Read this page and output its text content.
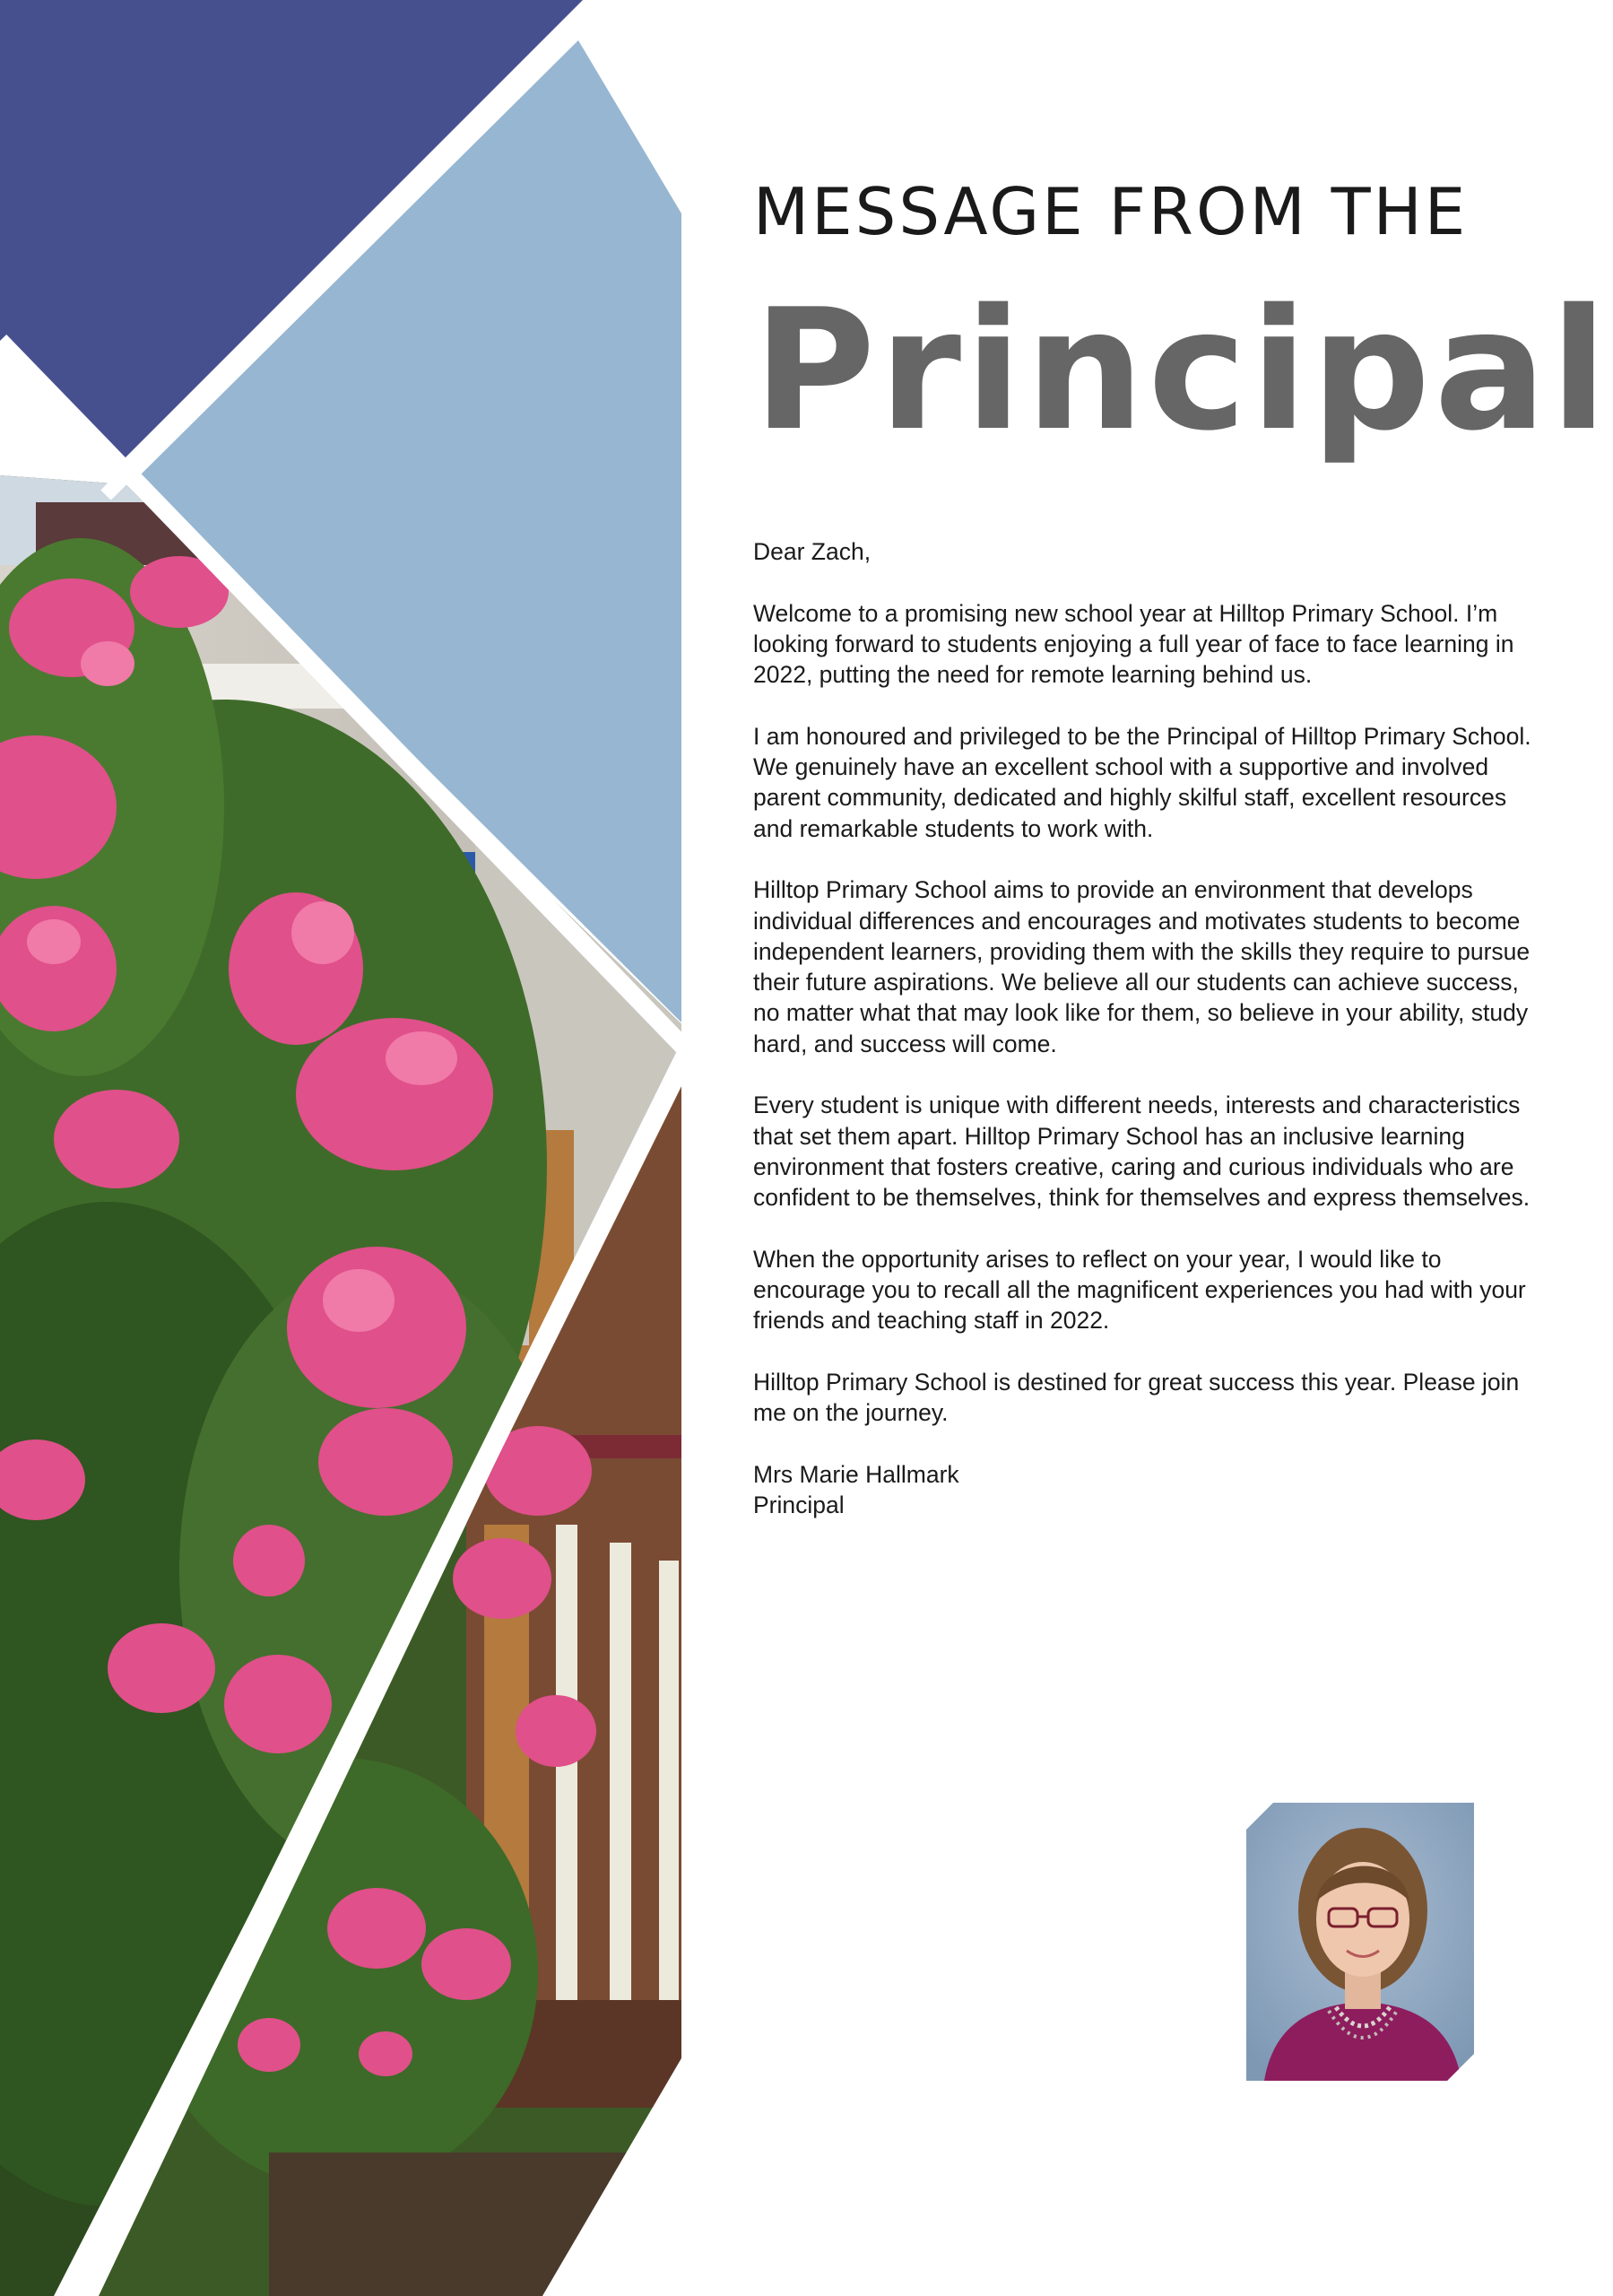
MESSAGE FROM THE
Principal

Dear Zach,

Welcome to a promising new school year at Hilltop Primary School. I’m looking forward to students enjoying a full year of face to face learning in 2022, putting the need for remote learning behind us.

I am honoured and privileged to be the Principal of Hilltop Primary School. We genuinely have an excellent school with a supportive and involved parent community, dedicated and highly skilful staff, excellent resources and remarkable students to work with.

Hilltop Primary School aims to provide an environment that develops individual differences and encourages and motivates students to become independent learners, providing them with the skills they require to pursue their future aspirations. We believe all our students can achieve success, no matter what that may look like for them, so believe in your ability, study hard, and success will come.

Every student is unique with different needs, interests and characteristics that set them apart. Hilltop Primary School has an inclusive learning environment that fosters creative, caring and curious individuals who are confident to be themselves, think for themselves and express themselves.

When the opportunity arises to reflect on your year, I would like to encourage you to recall all the magnificent experiences you had with your friends and teaching staff in 2022.

Hilltop Primary School is destined for great success this year. Please join me on the journey.

Mrs Marie Hallmark

Principal
